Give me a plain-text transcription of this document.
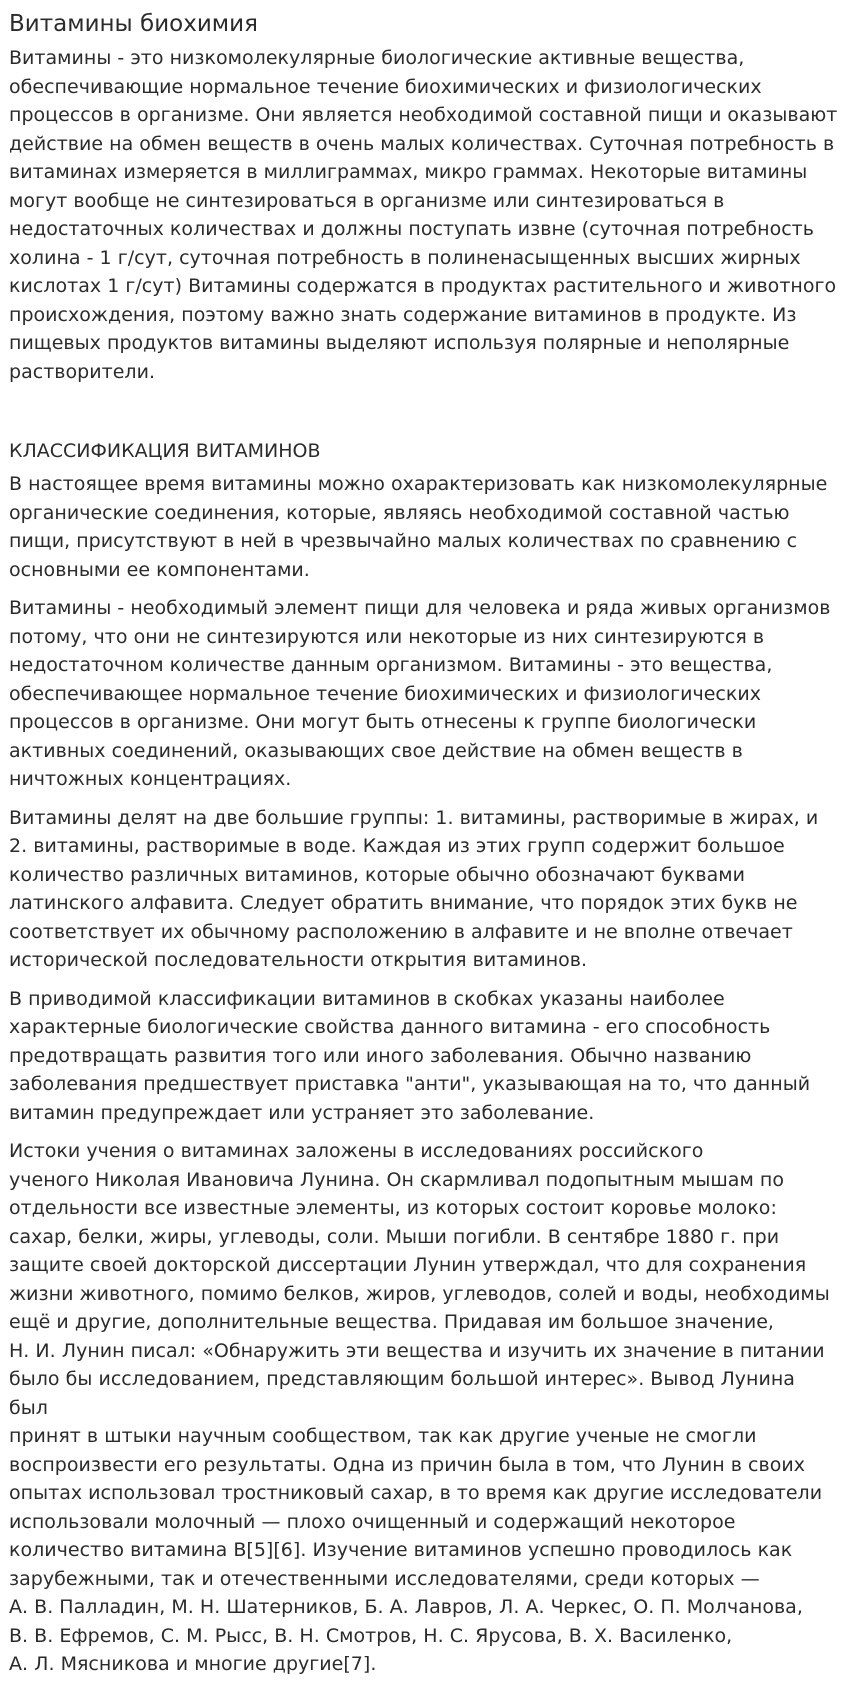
Витамины биохимия

Витамины - это низкомолекулярные биологические активные вещества,
обеспечивающие нормальное течение биохимических и физиологических
процессов в организме. Они является необходимой составной пищи и оказывают
действие на обмен веществ в очень малых количествах. Суточная потребность в
витаминах измеряется в миллиграммах, микро граммах. Некоторые витамины
могут вообще не синтезироваться в организме или синтезироваться в
недостаточных количествах и должны поступать извне (суточная потребность
холина - 1 г/сут, суточная потребность в полиненасыщенных высших жирных
кислотах 1 г/сут) Витамины содержатся в продуктах растительного и животного
происхождения, поэтому важно знать содержание витаминов в продукте. Из
пищевых продуктов витамины выделяют используя полярные и неполярные
растворители.

КЛАССИФИКАЦИЯ ВИТАМИНОВ

В настоящее время витамины можно охарактеризовать как низкомолекулярные
органические соединения, которые, являясь необходимой составной частью
пищи, присутствуют в ней в чрезвычайно малых количествах по сравнению с
основными ее компонентами.

Витамины - необходимый элемент пищи для человека и ряда живых организмов
потому, что они не синтезируются или некоторые из них синтезируются в
недостаточном количестве данным организмом. Витамины - это вещества,
обеспечивающее нормальное течение биохимических и физиологических
процессов в организме. Они могут быть отнесены к группе биологически
активных соединений, оказывающих свое действие на обмен веществ в
ничтожных концентрациях.

Витамины делят на две большие группы: 1. витамины, растворимые в жирах, и
2. витамины, растворимые в воде. Каждая из этих групп содержит большое
количество различных витаминов, которые обычно обозначают буквами
латинского алфавита. Следует обратить внимание, что порядок этих букв не
соответствует их обычному расположению в алфавите и не вполне отвечает
исторической последовательности открытия витаминов.

В приводимой классификации витаминов в скобках указаны наиболее
характерные биологические свойства данного витамина - его способность
предотвращать развития того или иного заболевания. Обычно названию
заболевания предшествует приставка "анти", указывающая на то, что данный
витамин предупреждает или устраняет это заболевание.

Истоки учения о витаминах заложены в исследованиях российского
ученого Николая Ивановича Лунина. Он скармливал подопытным мышам по
отдельности все известные элементы, из которых состоит коровье молоко:
сахар, белки, жиры, углеводы, соли. Мыши погибли. В сентябре 1880 г. при
защите своей докторской диссертации Лунин утверждал, что для сохранения
жизни животного, помимо белков, жиров, углеводов, солей и воды, необходимы
ещё и другие, дополнительные вещества. Придавая им большое значение,
Н. И. Лунин писал: «Обнаружить эти вещества и изучить их значение в питании
было бы исследованием, представляющим большой интерес». Вывод Лунина был
принят в штыки научным сообществом, так как другие ученые не смогли
воспроизвести его результаты. Одна из причин была в том, что Лунин в своих
опытах использовал тростниковый сахар, в то время как другие исследователи
использовали молочный — плохо очищенный и содержащий некоторое
количество витамина B[5][6]. Изучение витаминов успешно проводилось как
зарубежными, так и отечественными исследователями, среди которых —
А. В. Палладин, М. Н. Шатерников, Б. А. Лавров, Л. А. Черкес, О. П. Молчанова,
В. В. Ефремов, С. М. Рысс, В. Н. Смотров, Н. С. Ярусова, В. Х. Василенко,
А. Л. Мясникова и многие другие[7].
